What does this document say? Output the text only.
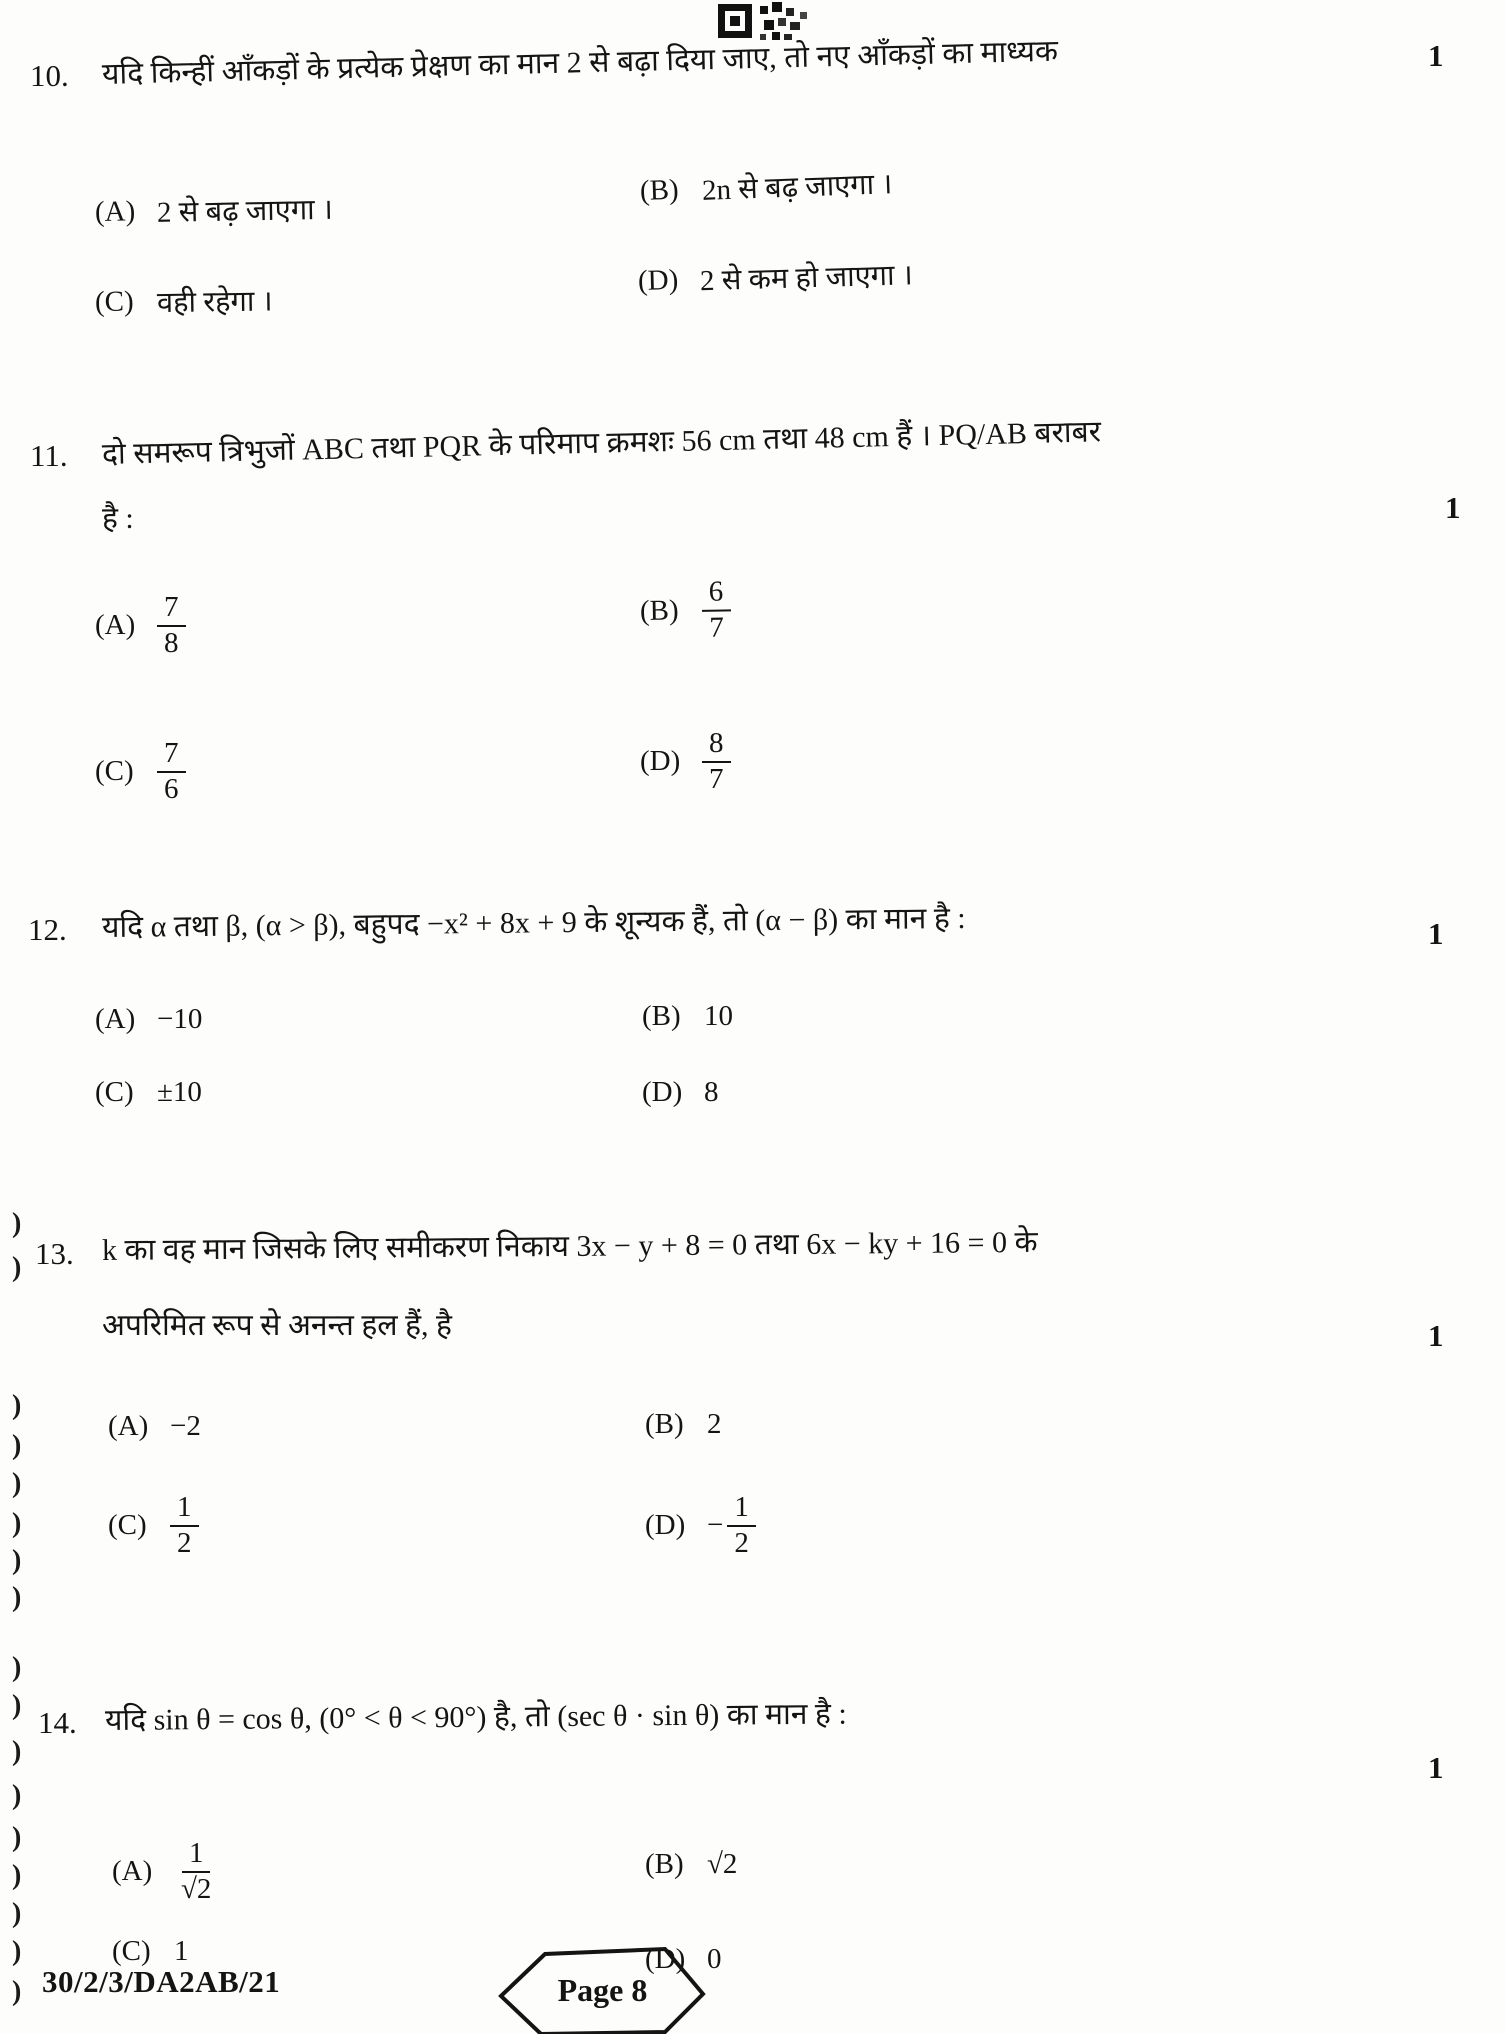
10. यदि किन्हीं आँकड़ों के प्रत्येक प्रेक्षण का मान 2 से बढ़ा दिया जाए, तो नए आँकड़ों का माध्यक	1
(A) 2 से बढ़ जाएगा ।
(B) 2n से बढ़ जाएगा ।
(C) वही रहेगा ।
(D) 2 से कम हो जाएगा ।
11. दो समरूप त्रिभुजों ABC तथा PQR के परिमाप क्रमशः 56 cm तथा 48 cm हैं । PQ/AB बराबर
है :	1
$(A) \frac{7}{8}$	$(B) \frac{6}{7}$
$(C) \frac{7}{6}$	$(D) \frac{8}{7}$
12. यदि α तथा β, (α > β), बहुपद −x² + 8x + 9 के शून्यक हैं, तो (α − β) का मान है :	1
(A) −10	(B) 10
(C) ±10	(D) 8
13. k का वह मान जिसके लिए समीकरण निकाय 3x − y + 8 = 0 तथा 6x − ky + 16 = 0 के
अपरिमित रूप से अनन्त हल हैं, है	1
(A) −2	(B) 2
$(C) \frac{1}{2}$	$(D) - \frac{1}{2}$
14. यदि sin θ = cos θ, (0° < θ < 90°) है, तो (sec θ · sin θ) का मान है :
1
$(A) \frac{1}{√2}$	(B) √2
(C) 1	(D) 0
30/2/3/DA2AB/21	Page 8
)
)
)
)
)
)
)
)
)
)
)
)
)
)
)
)
)
